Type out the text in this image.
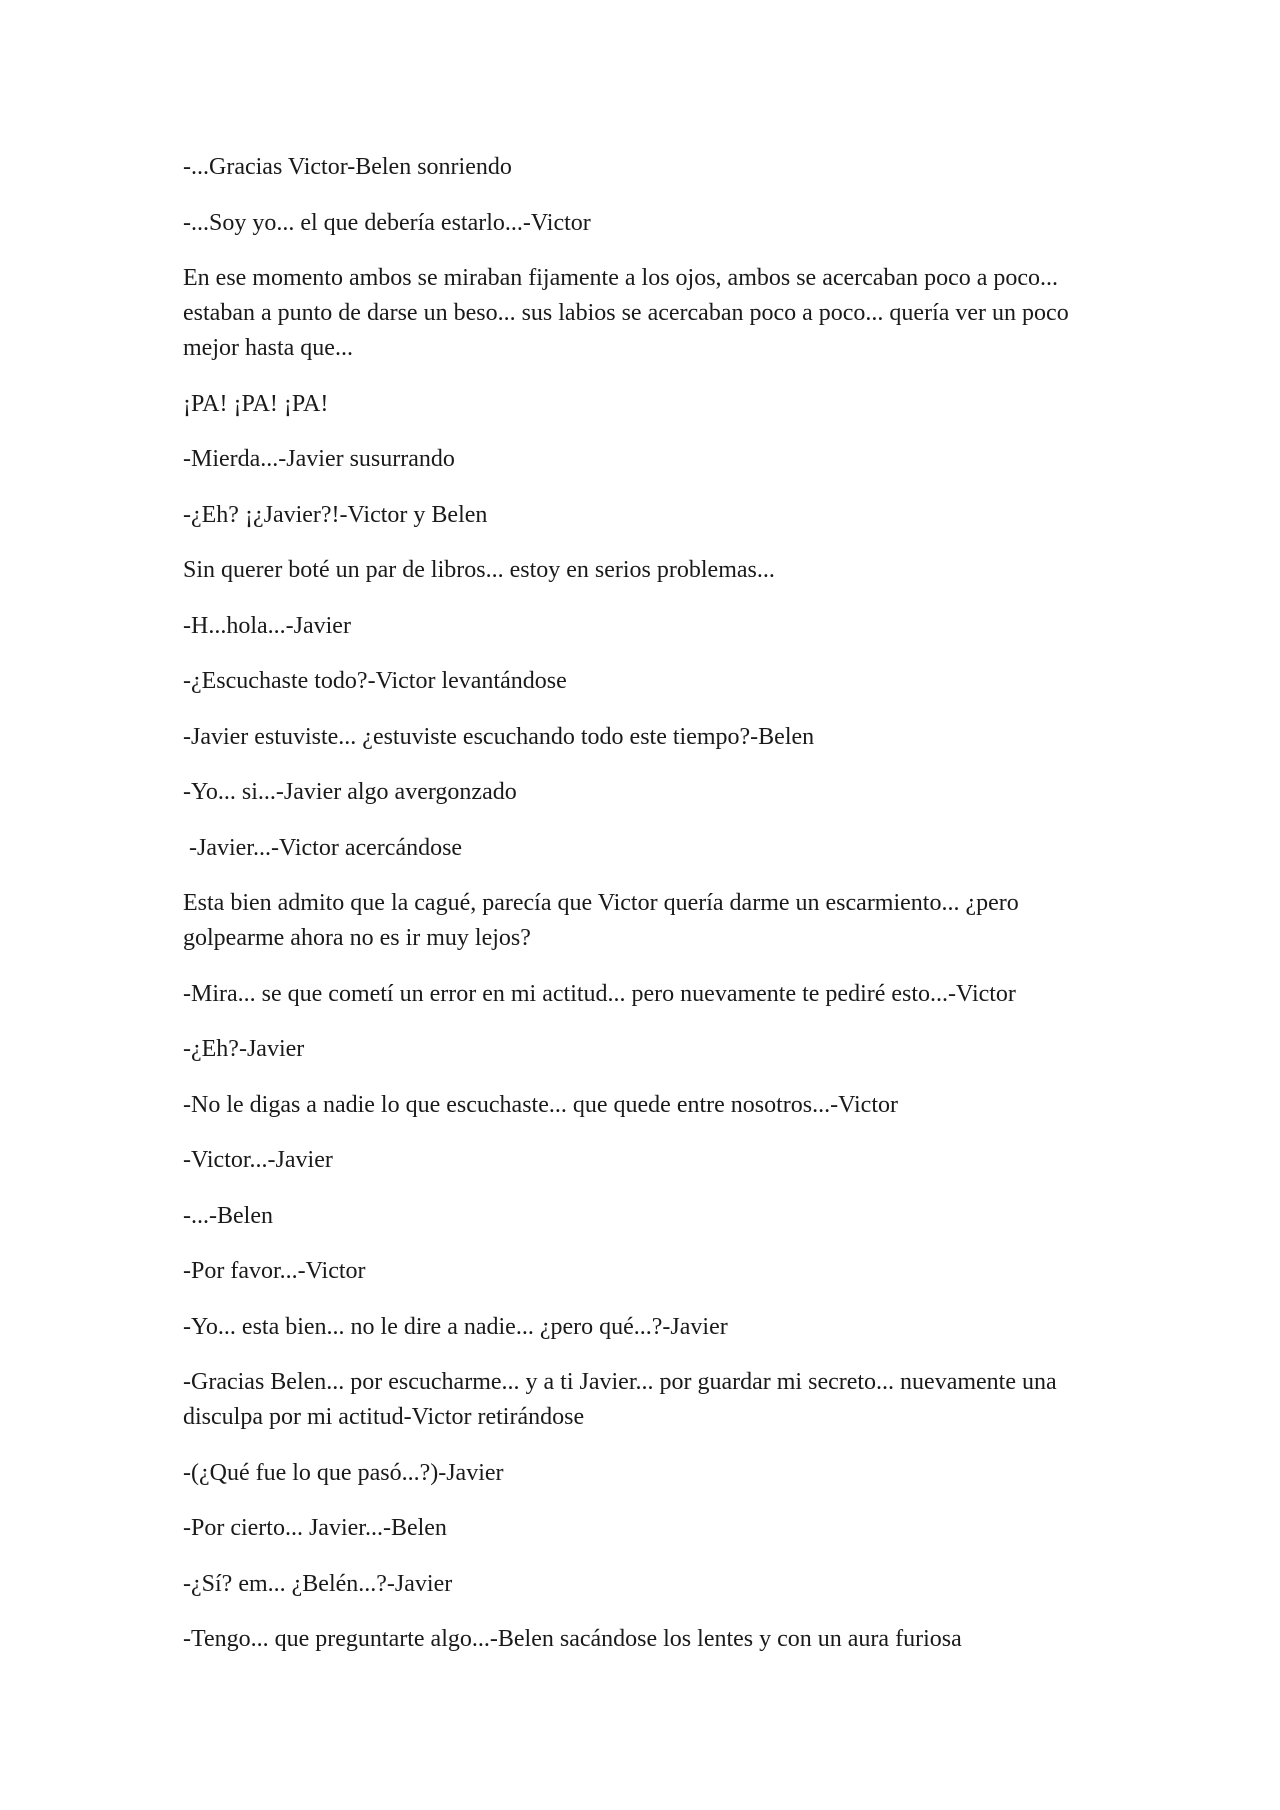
-...Gracias Victor-Belen sonriendo

-...Soy yo... el que debería estarlo...-Victor

En ese momento ambos se miraban fijamente a los ojos, ambos se acercaban poco a poco... estaban a punto de darse un beso... sus labios se acercaban poco a poco... quería ver un poco mejor hasta que...

¡PA! ¡PA! ¡PA!

-Mierda...-Javier susurrando

-¿Eh? ¡¿Javier?!-Victor y Belen

Sin querer boté un par de libros... estoy en serios problemas...

-H...hola...-Javier

-¿Escuchaste todo?-Victor levantándose

-Javier estuviste... ¿estuviste escuchando todo este tiempo?-Belen

-Yo... si...-Javier algo avergonzado

-Javier...-Victor acercándose

Esta bien admito que la cagué, parecía que Victor quería darme un escarmiento... ¿pero golpearme ahora no es ir muy lejos?

-Mira... se que cometí un error en mi actitud... pero nuevamente te pediré esto...-Victor

-¿Eh?-Javier

-No le digas a nadie lo que escuchaste... que quede entre nosotros...-Victor

-Victor...-Javier

-...-Belen

-Por favor...-Victor

-Yo... esta bien... no le dire a nadie... ¿pero qué...?-Javier

-Gracias Belen... por escucharme... y a ti Javier... por guardar mi secreto... nuevamente una disculpa por mi actitud-Victor retirándose

-(¿Qué fue lo que pasó...?)-Javier

-Por cierto... Javier...-Belen

-¿Sí? em... ¿Belén...?-Javier

-Tengo... que preguntarte algo...-Belen sacándose los lentes y con un aura furiosa
